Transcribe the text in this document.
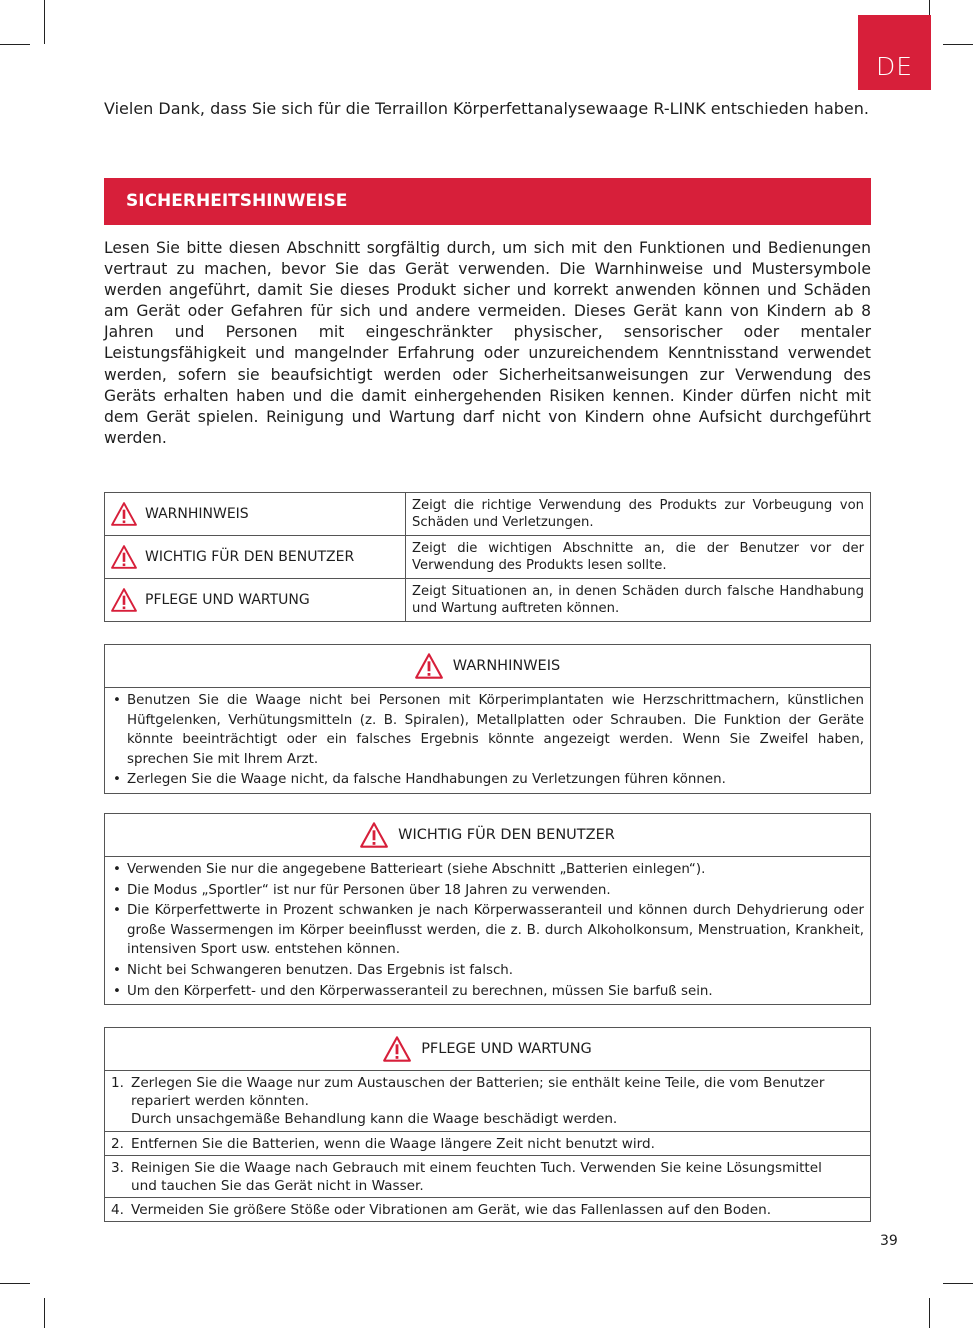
DE
Vielen Dank, dass Sie sich für die Terraillon Körperfettanalysewaage R-LINK entschieden haben.
SICHERHEITSHINWEISE
Lesen Sie bitte diesen Abschnitt sorgfältig durch, um sich mit den Funktionen und Bedienungen vertraut zu machen, bevor Sie das Gerät verwenden. Die Warnhinweise und Mustersymbole werden angeführt, damit Sie dieses Produkt sicher und korrekt anwenden können und Schäden am Gerät oder Gefahren für sich und andere vermeiden. Dieses Gerät kann von Kindern ab 8 Jahren und Personen mit eingeschränkter physischer, sensorischer oder mentaler Leistungsfähigkeit und mangelnder Erfahrung oder unzureichendem Kenntnisstand verwendet werden, sofern sie beaufsichtigt werden oder Sicherheitsanweisungen zur Verwendung des Geräts erhalten haben und die damit einhergehenden Risiken kennen. Kinder dürfen nicht mit dem Gerät spielen. Reinigung und Wartung darf nicht von Kindern ohne Aufsicht durchgeführt werden.
WARNHINWEIS	Zeigt die richtige Verwendung des Produkts zur Vorbeugung von Schäden und Verletzungen.
WICHTIG FÜR DEN BENUTZER	Zeigt die wichtigen Abschnitte an, die der Benutzer vor der Verwendung des Produkts lesen sollte.
PFLEGE UND WARTUNG	Zeigt Situationen an, in denen Schäden durch falsche Handhabung und Wartung auftreten können.
WARNHINWEIS
• Benutzen Sie die Waage nicht bei Personen mit Körperimplantaten wie Herzschrittmachern, künstlichen Hüftgelenken, Verhütungsmitteln (z. B. Spiralen), Metallplatten oder Schrauben. Die Funktion der Geräte könnte beeinträchtigt oder ein falsches Ergebnis könnte angezeigt werden. Wenn Sie Zweifel haben, sprechen Sie mit Ihrem Arzt.
• Zerlegen Sie die Waage nicht, da falsche Handhabungen zu Verletzungen führen können.
WICHTIG FÜR DEN BENUTZER
• Verwenden Sie nur die angegebene Batterieart (siehe Abschnitt „Batterien einlegen“).
• Die Modus „Sportler“ ist nur für Personen über 18 Jahren zu verwenden.
• Die Körperfettwerte in Prozent schwanken je nach Körperwasseranteil und können durch Dehydrierung oder große Wassermengen im Körper beeinflusst werden, die z. B. durch Alkoholkonsum, Menstruation, Krankheit, intensiven Sport usw. entstehen können.
• Nicht bei Schwangeren benutzen. Das Ergebnis ist falsch.
• Um den Körperfett- und den Körperwasseranteil zu berechnen, müssen Sie barfuß sein.
PFLEGE UND WARTUNG
1. Zerlegen Sie die Waage nur zum Austauschen der Batterien; sie enthält keine Teile, die vom Benutzer repariert werden könnten.
Durch unsachgemäße Behandlung kann die Waage beschädigt werden.
2. Entfernen Sie die Batterien, wenn die Waage längere Zeit nicht benutzt wird.
3. Reinigen Sie die Waage nach Gebrauch mit einem feuchten Tuch. Verwenden Sie keine Lösungsmittel und tauchen Sie das Gerät nicht in Wasser.
4. Vermeiden Sie größere Stöße oder Vibrationen am Gerät, wie das Fallenlassen auf den Boden.
39
